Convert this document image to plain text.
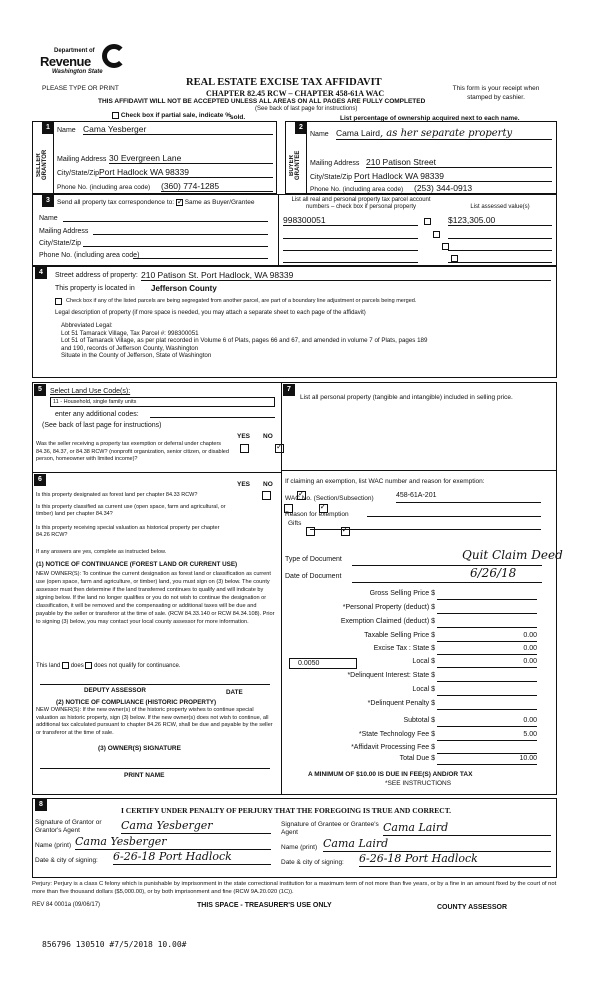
Department of
Revenue
Washington State
PLEASE TYPE OR PRINT
REAL ESTATE EXCISE TAX AFFIDAVIT
CHAPTER 82.45 RCW – CHAPTER 458-61A WAC
THIS AFFIDAVIT WILL NOT BE ACCEPTED UNLESS ALL AREAS ON ALL PAGES ARE FULLY COMPLETED
This form is your receipt when stamped by cashier.
(See back of last page for instructions)
Check box if partial sale, indicate % sold.	List percentage of ownership acquired next to each name.
1
SELLER GRANTOR
Name Cama Yesberger
Mailing Address 30 Evergreen Lane
City/State/Zip Port Hadlock WA 98339
Phone No. (including area code) (360) 774-1285
2
BUYER GRANTEE
Name Cama Laird, as her separate property
Mailing Address 210 Patison Street
City/State/Zip Port Hadlock WA 98339
Phone No. (including area code) (253) 344-0913
3	Send all property tax correspondence to: ✓ Same as Buyer/Grantee
Name
Mailing Address
City/State/Zip
Phone No. (including area code)
List all real and personal property tax parcel account numbers – check box if personal property
998300051

List assessed value(s)
$123,305.00
4	Street address of property: 210 Patison St. Port Hadlock, WA 98339
This property is located in Jefferson County
Check box if any of the listed parcels are being segregated from another parcel, are part of a boundary line adjustment or parcels being merged.
Legal description of property (if more space is needed, you may attach a separate sheet to each page of the affidavit)
Abbreviated Legal:
Lot 51 Tamarack Village, Tax Parcel #: 998300051
Lot 51 of Tamarack Village, as per plat recorded in Volume 6 of Plats, pages 66 and 67, and amended in volume 7 of Plats, pages 189
and 190, records of Jefferson County, Washington
Situate in the County of Jefferson, State of Washington
5	Select Land Use Code(s):
11 - Household, single family units
enter any additional codes:
(See back of last page for instructions)
YES NO
Was the seller receiving a property tax exemption or deferral under chapters 84.36, 84.37, or 84.38 RCW? (nonprofit organization, senior citizen, or disabled person, homeowner with limited income)?
✓
7
List all personal property (tangible and intangible) included in selling price.
6
YES NO
Is this property designated as forest land per chapter 84.33 RCW?
✓
Is this property classified as current use (open space, farm and agricultural, or timber) land per chapter 84.34?
✓
Is this property receiving special valuation as historical property per chapter 84.26 RCW?
✓
If any answers are yes, complete as instructed below.
(1) NOTICE OF CONTINUANCE (FOREST LAND OR CURRENT USE)
NEW OWNER(S): To continue the current designation as forest land or classification as current use (open space, farm and agriculture, or timber) land, you must sign on (3) below. The county assessor must then determine if the land transferred continues to qualify and will indicate by signing below. If the land no longer qualifies or you do not wish to continue the designation or classification, it will be removed and the compensating or additional taxes will be due and payable by the seller or transferor at the time of sale. (RCW 84.33.140 or RCW 84.34.108). Prior to signing (3) below, you may contact your local county assessor for more information.
This land does does not qualify for continuance.
DEPUTY ASSESSOR	DATE
(2) NOTICE OF COMPLIANCE (HISTORIC PROPERTY)
NEW OWNER(S): If the new owner(s) of the historic property wishes to continue special valuation as historic property, sign (3) below. If the new owner(s) does not wish to continue, all additional tax calculated pursuant to chapter 84.26 RCW, shall be due and payable by the seller or transferor at the time of sale.
(3) OWNER(S) SIGNATURE
PRINT NAME
If claiming an exemption, list WAC number and reason for exemption:
WAC No. (Section/Subsection)	458-61A-201
Reason for exemption
Gifts
Type of Document	Quit Claim Deed
Date of Document	6/26/18
Gross Selling Price $
*Personal Property (deduct) $
Exemption Claimed (deduct) $
Taxable Selling Price $	0.00
Excise Tax : State $	0.00
0.0050	Local $	0.00
*Delinquent Interest: State $
Local $
*Delinquent Penalty $
Subtotal $	0.00
*State Technology Fee $	5.00
*Affidavit Processing Fee $
Total Due $	10.00
A MINIMUM OF $10.00 IS DUE IN FEE(S) AND/OR TAX
*SEE INSTRUCTIONS
8
I CERTIFY UNDER PENALTY OF PERJURY THAT THE FOREGOING IS TRUE AND CORRECT.
Signature of Grantor or Grantor's Agent	Cama Yesberger
Name (print) Cama Yesberger
Date & city of signing: 6-26-18 Port Hadlock
Signature of Grantee or Grantee's Agent	Cama Laird
Name (print) Cama Laird
Date & city of signing: 6-26-18 Port Hadlock
Perjury: Perjury is a class C felony which is punishable by imprisonment in the state correctional institution for a maximum term of not more than five years, or by a fine in an amount fixed by the court of not more than five thousand dollars ($5,000.00), or by both imprisonment and fine (RCW 9A.20.020 (1C)).
REV 84 0001a (09/06/17)	THIS SPACE - TREASURER'S USE ONLY	COUNTY ASSESSOR
856796 130510 #7/5/2018 10.00#
